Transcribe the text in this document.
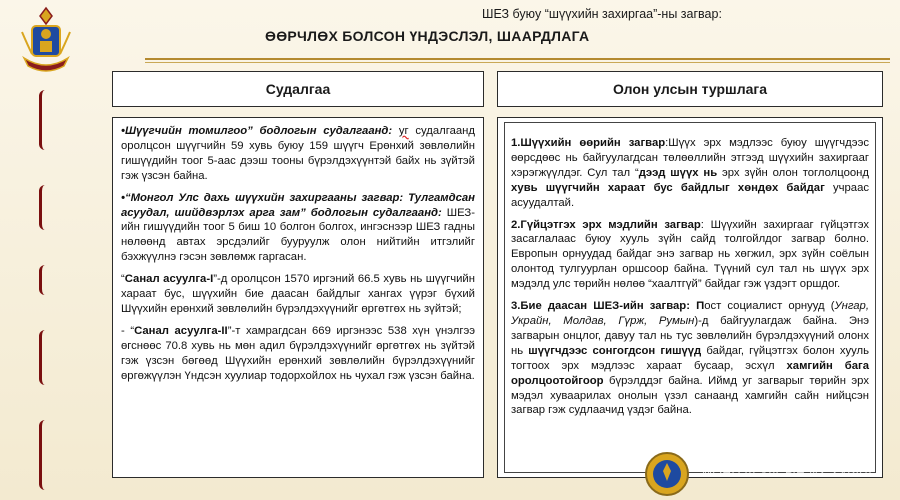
ШЕЗ буюу “шүүхийн захиргаа”-ны загвар:
ӨӨРЧЛӨХ БОЛСОН ҮНДЭСЛЭЛ, ШААРДЛАГА
Судалгаа	Олон улсын туршлага

•Шүүгчийн томилгоо” бодлогын судалгаанд: уг судалгаанд оролцсон шүүгчийн 59 хувь буюу 159 шүүгч Ерөнхий зөвлөлийн гишүүдийн тоог 5-аас дээш тооны бүрэлдэхүүнтэй байх нь зүйтэй гэж үзсэн байна.

•“Монгол Улс дахь шүүхийн захиргааны загвар: Тулгамдсан асуудал, шийдвэрлэх арга зам” бодлогын судалгаанд: ШЕЗ-ийн гишүүдийн тоог 5 биш 10 болгон болгох, ингэснээр ШЕЗ гадны нөлөөнд автах эрсдэлийг бууруулж олон нийтийн итгэлийг бэхжүүлнэ гэсэн зөвлөмж гаргасан.

“Санал асуулга-I”-д оролцсон 1570 иргэний 66.5 хувь нь шүүгчийн хараат бус, шүүхийн бие даасан байдлыг хангах үүрэг бүхий Шүүхийн ерөнхий зөвлөлийн бүрэлдэхүүнийг өргөтгөх нь зүйтэй;

- “Санал асуулга-II”-т хамрагдсан 669 иргэнээс 538 хүн үнэлгээ өгснөөс 70.8 хувь нь мөн адил бүрэлдэхүүнийг өргөтгөх нь зүйтэй гэж үзсэн бөгөөд Шүүхийн ерөнхий зөвлөлийн бүрэлдэхүүнийг өргөжүүлэн Үндсэн хуулиар тодорхойлох нь чухал гэж үзсэн байна.

1.Шүүхийн өөрийн загвар:Шүүх эрх мэдлээс буюу шүүгчдээс өөрсдөөс нь байгуулагдсан төлөөллийн этгээд шүүхийн захиргааг хэрэгжүүлдэг. Сул тал “дээд шүүх нь эрх зүйн олон тоглолцоонд хувь шүүгчийн хараат бус байдлыг хөндөх байдаг учраас асуудалтай.

2.Гүйцэтгэх эрх мэдлийн загвар: Шүүхийн захиргааг гүйцэтгэх засаглалаас буюу хууль зүйн сайд толгойлдог загвар болно. Европын орнуудад байдаг энэ загвар нь хөгжил, эрх зүйн соёлын олонтод тулгуурлан оршсоор байна. Түүний сул тал нь шүүх эрх мэдэлд улс төрийн нөлөө “хаалтгүй” байдаг гэж үздэгт оршдог.

3.Бие даасан ШЕЗ-ийн загвар: Пост социалист орнууд (Унгар, Украйн, Молдав, Гүрж, Румын)-д байгуулагдаж байна. Энэ загварын онцлог, давуу тал нь тус зөвлөлийн бүрэлдэхүүний олонх нь шүүгчдээс сонгогдсон гишүүд байдаг, гүйцэтгэх болон хууль тогтоох эрх мэдлээс хараат бусаар, эсхүл хамгийн бага оролцоотойгоор бүрэлддэг байна. Иймд уг загварыг төрийн эрх мэдэл хуваарилах онолын үзэл санаанд хамгийн сайн нийцсэн загвар гэж судлаачид үздэг байна.

МОНГОЛ УЛСЫН ИХ ХУРАЛ
